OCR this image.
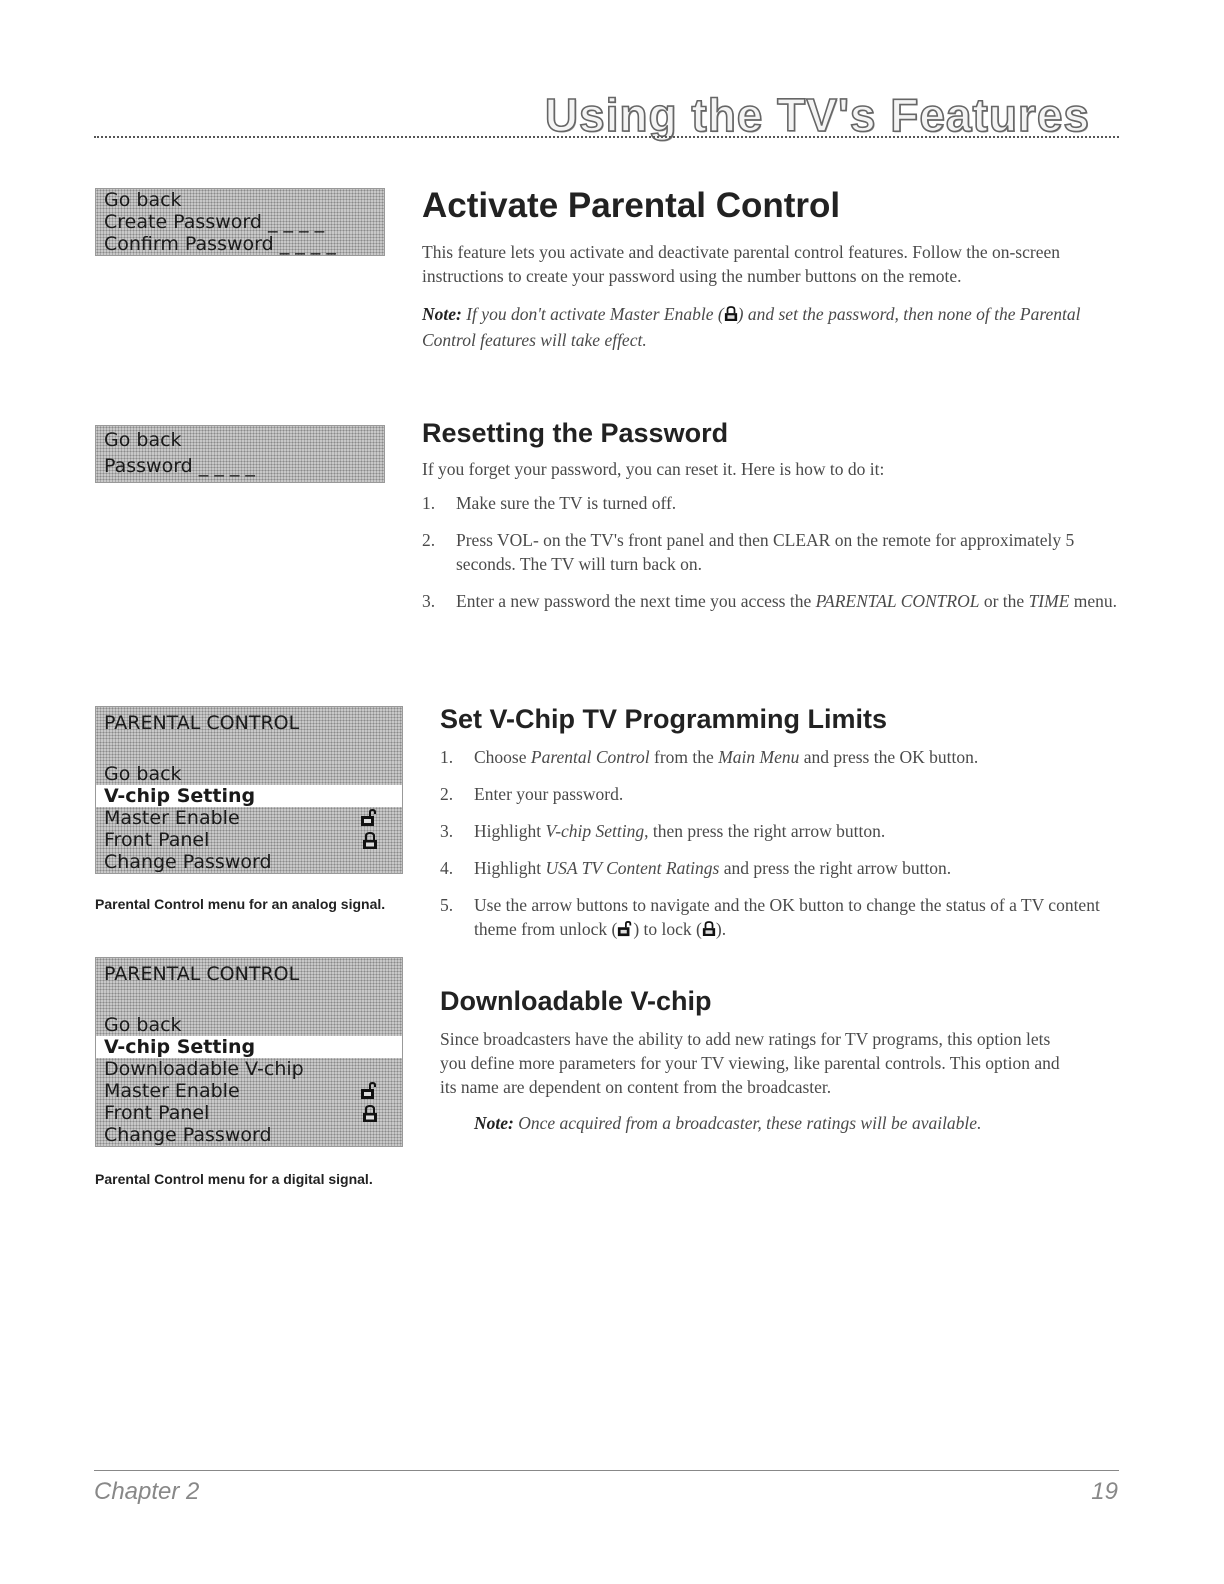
Using the TV's Features
Go back
Create Password _ _ _ _
Confirm Password _ _ _ _
Go back
Password _ _ _ _
PARENTAL CONTROL
Go back
V-chip Setting
Master Enable
Front Panel
Change Password
Parental Control menu for an analog signal.
PARENTAL CONTROL
Go back
V-chip Setting
Downloadable V-chip
Master Enable
Front Panel
Change Password
Parental Control menu for a digital signal.
Activate Parental Control

This feature lets you activate and deactivate parental control features. Follow the on-screen instructions to create your password using the number buttons on the remote.

Note: If you don't activate Master Enable ( ) and set the password, then none of the Parental Control features will take effect.

Resetting the Password

If you forget your password, you can reset it. Here is how to do it:

1. Make sure the TV is turned off.
2. Press VOL- on the TV's front panel and then CLEAR on the remote for approximately 5 seconds. The TV will turn back on.
3. Enter a new password the next time you access the PARENTAL CONTROL or the TIME menu.
Set V-Chip TV Programming Limits
1. Choose Parental Control from the Main Menu and press the OK button.
2. Enter your password.
3. Highlight V-chip Setting, then press the right arrow button.
4. Highlight USA TV Content Ratings and press the right arrow button.
5. Use the arrow buttons to navigate and the OK button to change the status of a TV content theme from unlock ( ) to lock ( ).
Downloadable V-chip

Since broadcasters have the ability to add new ratings for TV programs, this option lets you define more parameters for your TV viewing, like parental controls. This option and its name are dependent on content from the broadcaster.

Note: Once acquired from a broadcaster, these ratings will be available.

Chapter 2	19
